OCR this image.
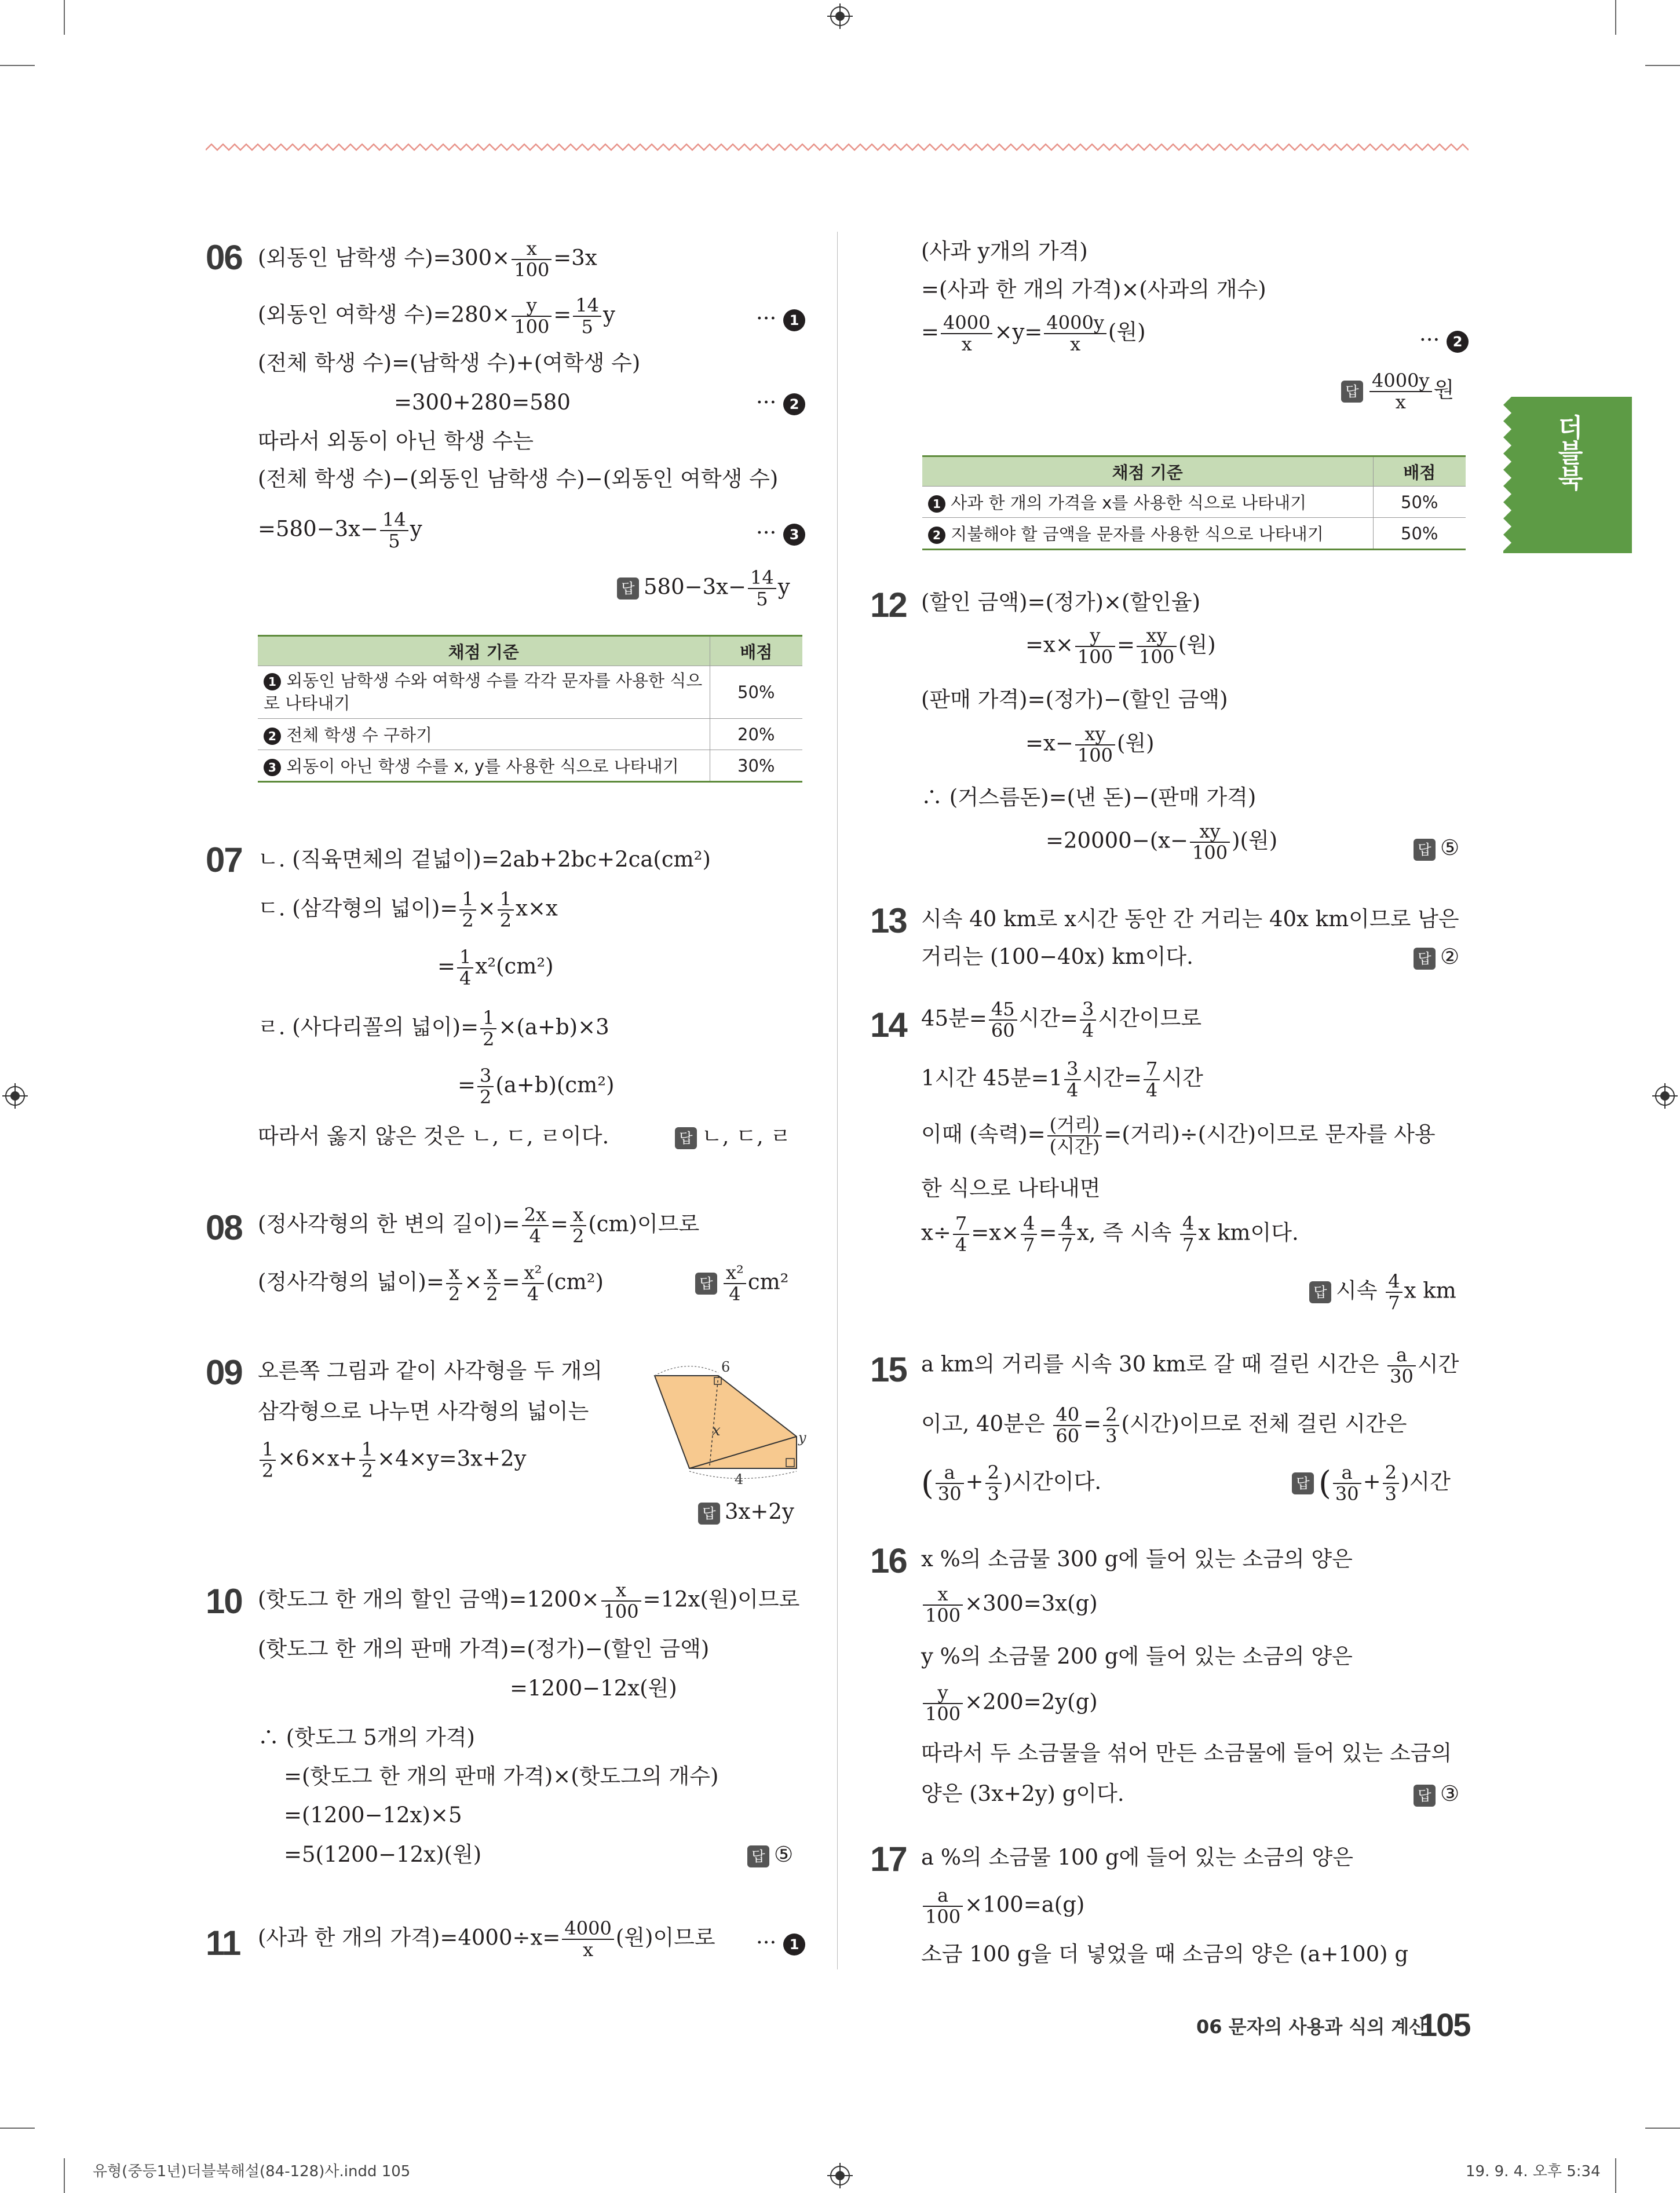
더블북
06 (외동인 남학생 수)$=300\times \frac{x}{100} =3x$
(외동인 여학생 수)$=280\times \frac{y}{100} = \frac{14}{5}$ y	··· 1
(전체 학생 수)=(남학생 수)+(여학생 수)
=300+280=580	··· 2
따라서 외동이 아닌 학생 수는
(전체 학생 수)−(외동인 남학생 수)−(외동인 여학생 수)
$=580-3x- \frac{14}{5}$ y	··· 3
답 $580-3x- \frac{14}{5}$ y
채점 기준	배점
1 외동인 남학생 수와 여학생 수를 각각 문자를 사용한 식으로 나타내기	50%
2 전체 학생 수 구하기	20%
3 외동이 아닌 학생 수를 x, y를 사용한 식으로 나타내기	30%
07 ㄴ. (직육면체의 겉넓이)=2ab+2bc+2ca(cm²)
ㄷ. (삼각형의 넓이)= $\frac{1}{2} \times \frac{1}{2} x\times x$
= $\frac{1}{4} x^2(cm^2)$
ㄹ. (사다리꼴의 넓이)= $\frac{1}{2} \times(a+b)\times 3$
= $\frac{3}{2} (a+b)(cm^2)$
따라서 옳지 않은 것은 ㄴ, ㄷ, ㄹ이다.	답 ㄴ, ㄷ, ㄹ
08 (정사각형의 한 변의 길이)= $\frac{2x}{4} = \frac{x}{2} (cm)$이므로
(정사각형의 넓이)= $\frac{x}{2} \times \frac{x}{2} = \frac{\text{x²}}{4} (cm^2)$	답 $\frac{\text{x²}}{4} cm^2$
09 오른쪽 그림과 같이 사각형을 두 개의
삼각형으로 나누면 사각형의 넓이는
$\frac{1}{2} \times 6\times x+ \frac{1}{2} \times 4\times y=3x+2y$
6
x	y
4
답 3x+2y
10 (핫도그 한 개의 할인 금액)$=1200\times \frac{x}{100} =12x$(원)이므로
(핫도그 한 개의 판매 가격)=(정가)−(할인 금액)
=1200−12x(원)
∴ (핫도그 5개의 가격)
=(핫도그 한 개의 판매 가격)×(핫도그의 개수)
=(1200−12x)×5
=5(1200−12x)(원)	답 ⑤
11 (사과 한 개의 가격)$=4000\div x= \frac{4000}{x}$ (원)이므로 ··· 1
(사과 y개의 가격)
=(사과 한 개의 가격)×(사과의 개수)
= $\frac{4000}{x} \times y= \frac{4000y}{x}$ (원)	··· 2
답 $\frac{4000y}{x}$ 원
채점 기준	배점
1 사과 한 개의 가격을 x를 사용한 식으로 나타내기	50%
2 지불해야 할 금액을 문자를 사용한 식으로 나타내기	50%
12 (할인 금액)=(정가)×(할인율)
$=x\times \frac{y}{100} = \frac{xy}{100}$ (원)
(판매 가격)=(정가)−(할인 금액)
$=x- \frac{xy}{100}$ (원)
∴ (거스름돈)=(낸 돈)−(판매 가격)
$=20000-(x- \frac{xy}{100}$ )(원)	답 ⑤
13 시속 40 km로 x시간 동안 간 거리는 40x km이므로 남은
거리는 (100−40x) km이다.	답 ②
14 45분= $\frac{45}{60}$ 시간= $\frac{3}{4}$ 시간이므로
1시간 45분$=1 \frac{3}{4}$ 시간= $\frac{7}{4}$ 시간
이때 (속력)= $\frac{\text{(거리)}}{\text{(시간)}}$ =(거리)÷(시간)이므로 문자를 사용
한 식으로 나타내면
$x\div \frac{7}{4} =x\times \frac{4}{7} = \frac{4}{7} x$, 즉 시속 $\frac{4}{7}$ x km이다.
답 시속 $\frac{4}{7}$ x km
15 a km의 거리를 시속 30 km로 갈 때 걸린 시간은 $\frac{a}{30}$ 시간
이고, 40분은 $\frac{40}{60} = \frac{2}{3}$ (시간)이므로 전체 걸린 시간은
( $\frac{a}{30} + \frac{2}{3}$ )시간이다.	답 ( $\frac{a}{30} + \frac{2}{3}$ )시간
16 x %의 소금물 300 g에 들어 있는 소금의 양은
$\frac{x}{100} \times 300=3x(g)$
y %의 소금물 200 g에 들어 있는 소금의 양은
$\frac{y}{100} \times 200=2y(g)$
따라서 두 소금물을 섞어 만든 소금물에 들어 있는 소금의
양은 (3x+2y) g이다.	답 ③
17 a %의 소금물 100 g에 들어 있는 소금의 양은
$\frac{a}{100} \times 100=a(g)$
소금 100 g을 더 넣었을 때 소금의 양은 (a+100) g
06 문자의 사용과 식의 계산
105
유형(중등1년)더블북해설(84-128)사.indd 105	19. 9. 4. 오후 5:34
